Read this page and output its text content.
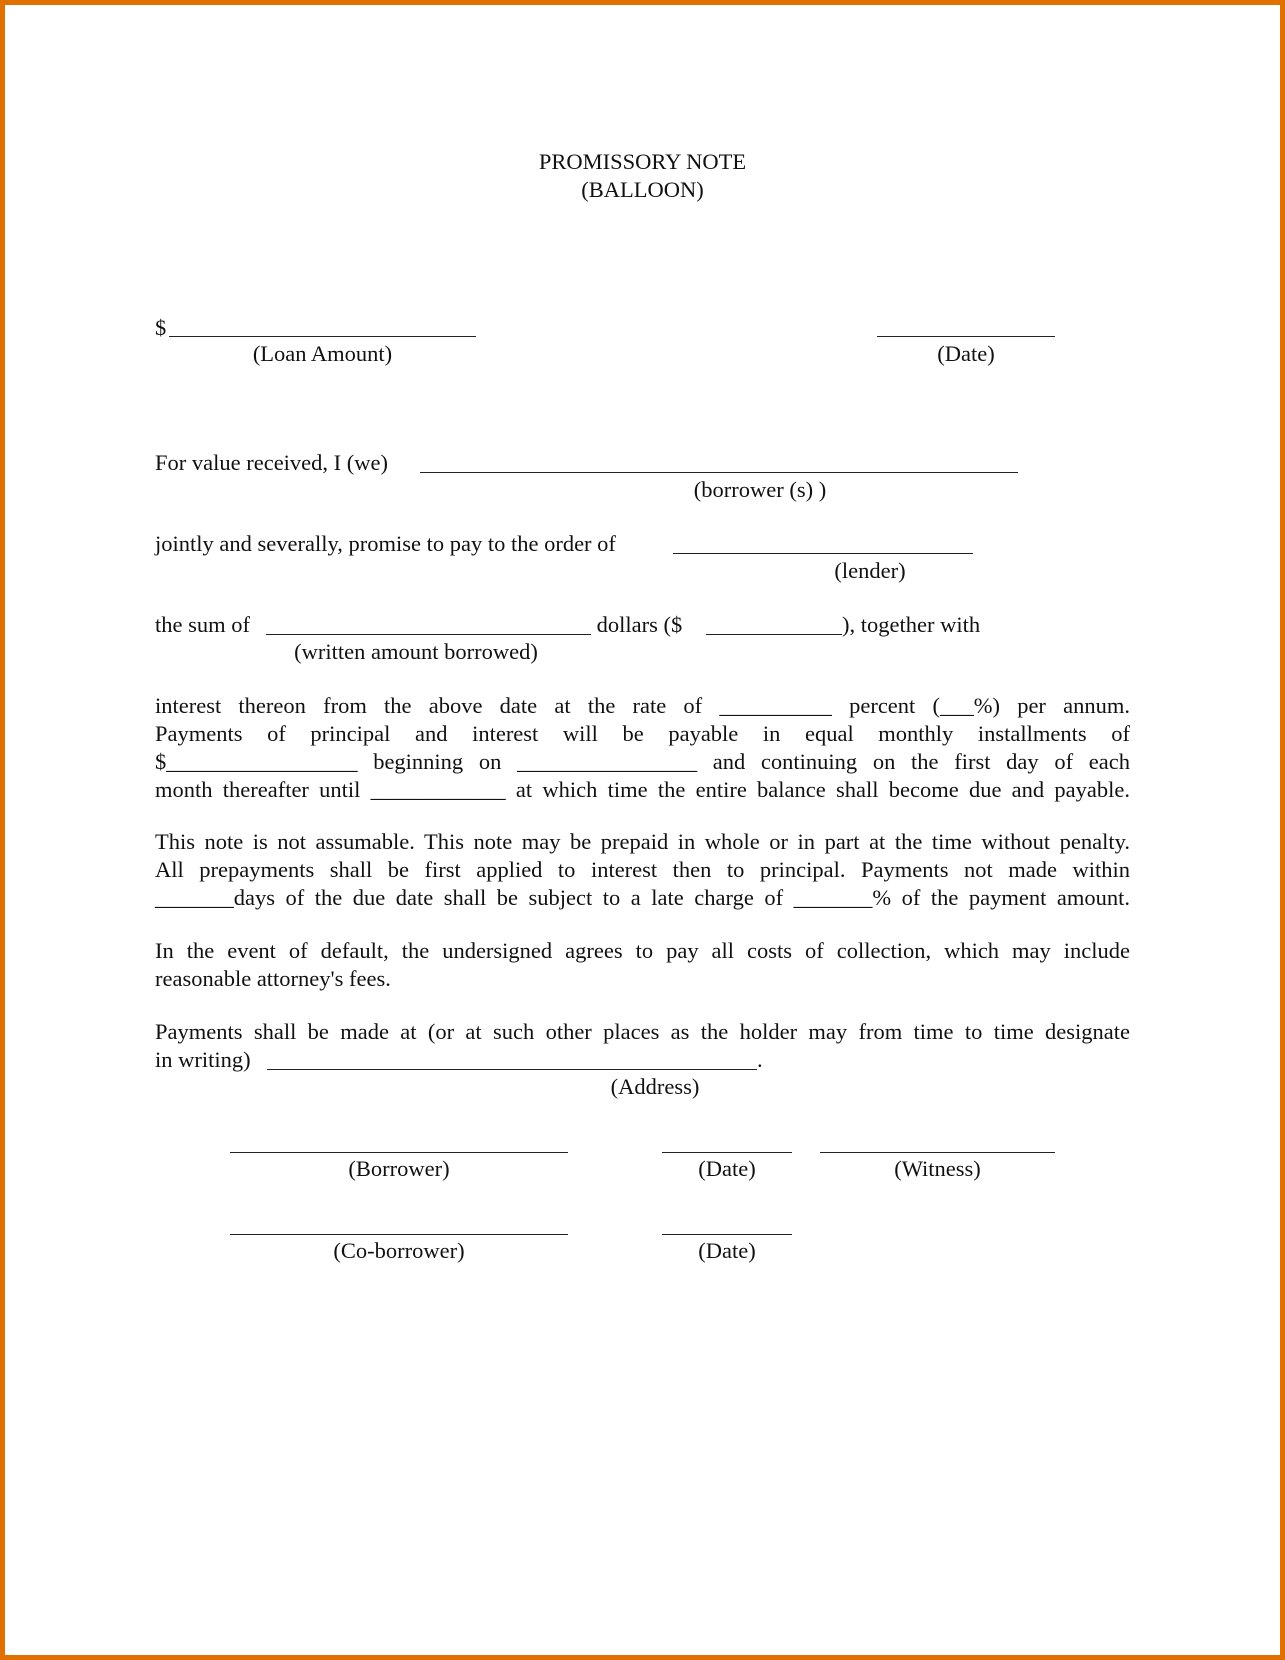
PROMISSORY NOTE
(BALLOON)
$
(Loan Amount)	(Date)
For value received, I (we)
(borrower (s) )
jointly and severally, promise to pay to the order of
(lender)
the sum of	dollars ($	), together with
(written amount borrowed)
interest thereon from the above date at the rate of __________ percent (___%) per annum.
Payments of principal and interest will be payable in equal monthly installments of
$_________________ beginning on ________________ and continuing on the first day of each
month thereafter until ____________ at which time the entire balance shall become due and payable.
This note is not assumable. This note may be prepaid in whole or in part at the time without penalty.
All prepayments shall be first applied to interest then to principal. Payments not made within
_______days of the due date shall be subject to a late charge of _______% of the payment amount.
In the event of default, the undersigned agrees to pay all costs of collection, which may include
reasonable attorney's fees.
Payments shall be made at (or at such other places as the holder may from time to time designate
in writing)	.
(Address)
(Borrower)	(Date)	(Witness)
(Co-borrower)	(Date)
